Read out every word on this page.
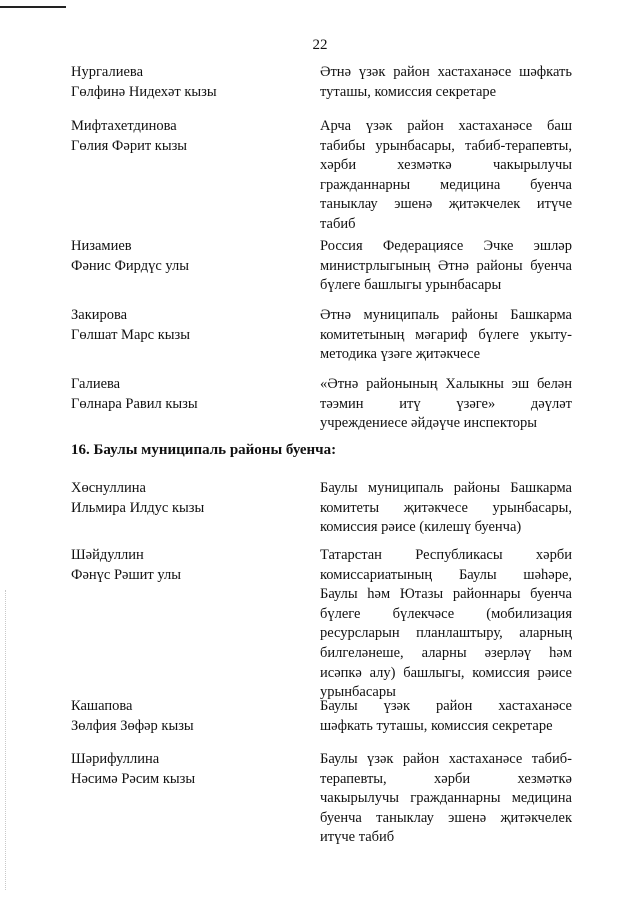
22
Нургалиева
Гөлфинә Нидехәт кызы
Әтнә үзәк район хастаханәсе шәфкать
туташы, комиссия секретаре
Мифтахетдинова
Гөлия Фәрит кызы
Арча үзәк район хастаханәсе баш
табибы урынбасары, табиб-терапевты,
хәрби хезмәткә чакырылучы
гражданнарны медицина буенча
таныклау эшенә җитәкчелек итүче
табиб
Низамиев
Фәнис Фирдүс улы
Россия Федерациясе Эчке эшләр
министрлыгының Әтнә районы буенча
бүлеге башлыгы урынбасары
Закирова
Гөлшат Марс кызы
Әтнә муниципаль районы Башкарма
комитетының мәгариф бүлеге укыту-
методика үзәге җитәкчесе
Галиева
Гөлнара Равил кызы
«Әтнә районының Халыкны эш белән
тәэмин итү үзәге» дәүләт
учреждениесе әйдәүче инспекторы
Хөснуллина
Ильмира Илдус кызы
Баулы муниципаль районы Башкарма
комитеты җитәкчесе урынбасары,
комиссия рәисе (килешү буенча)
Шәйдуллин
Фәнүс Рәшит улы
Татарстан Республикасы хәрби
комиссариатының Баулы шәһәре,
Баулы һәм Ютазы районнары буенча
бүлеге бүлекчәсе (мобилизация
ресурсларын планлаштыру, аларның
билгеләнеше, аларны әзерләү һәм
исәпкә алу) башлыгы, комиссия рәисе
урынбасары
Кашапова
Зөлфия Зөфәр кызы
Баулы үзәк район хастаханәсе
шәфкать туташы, комиссия секретаре
Шәрифуллина
Нәсимә Рәсим кызы
Баулы үзәк район хастаханәсе табиб-
терапевты, хәрби хезмәткә
чакырылучы гражданнарны медицина
буенча таныклау эшенә җитәкчелек
итүче табиб
16. Баулы муниципаль районы буенча:
